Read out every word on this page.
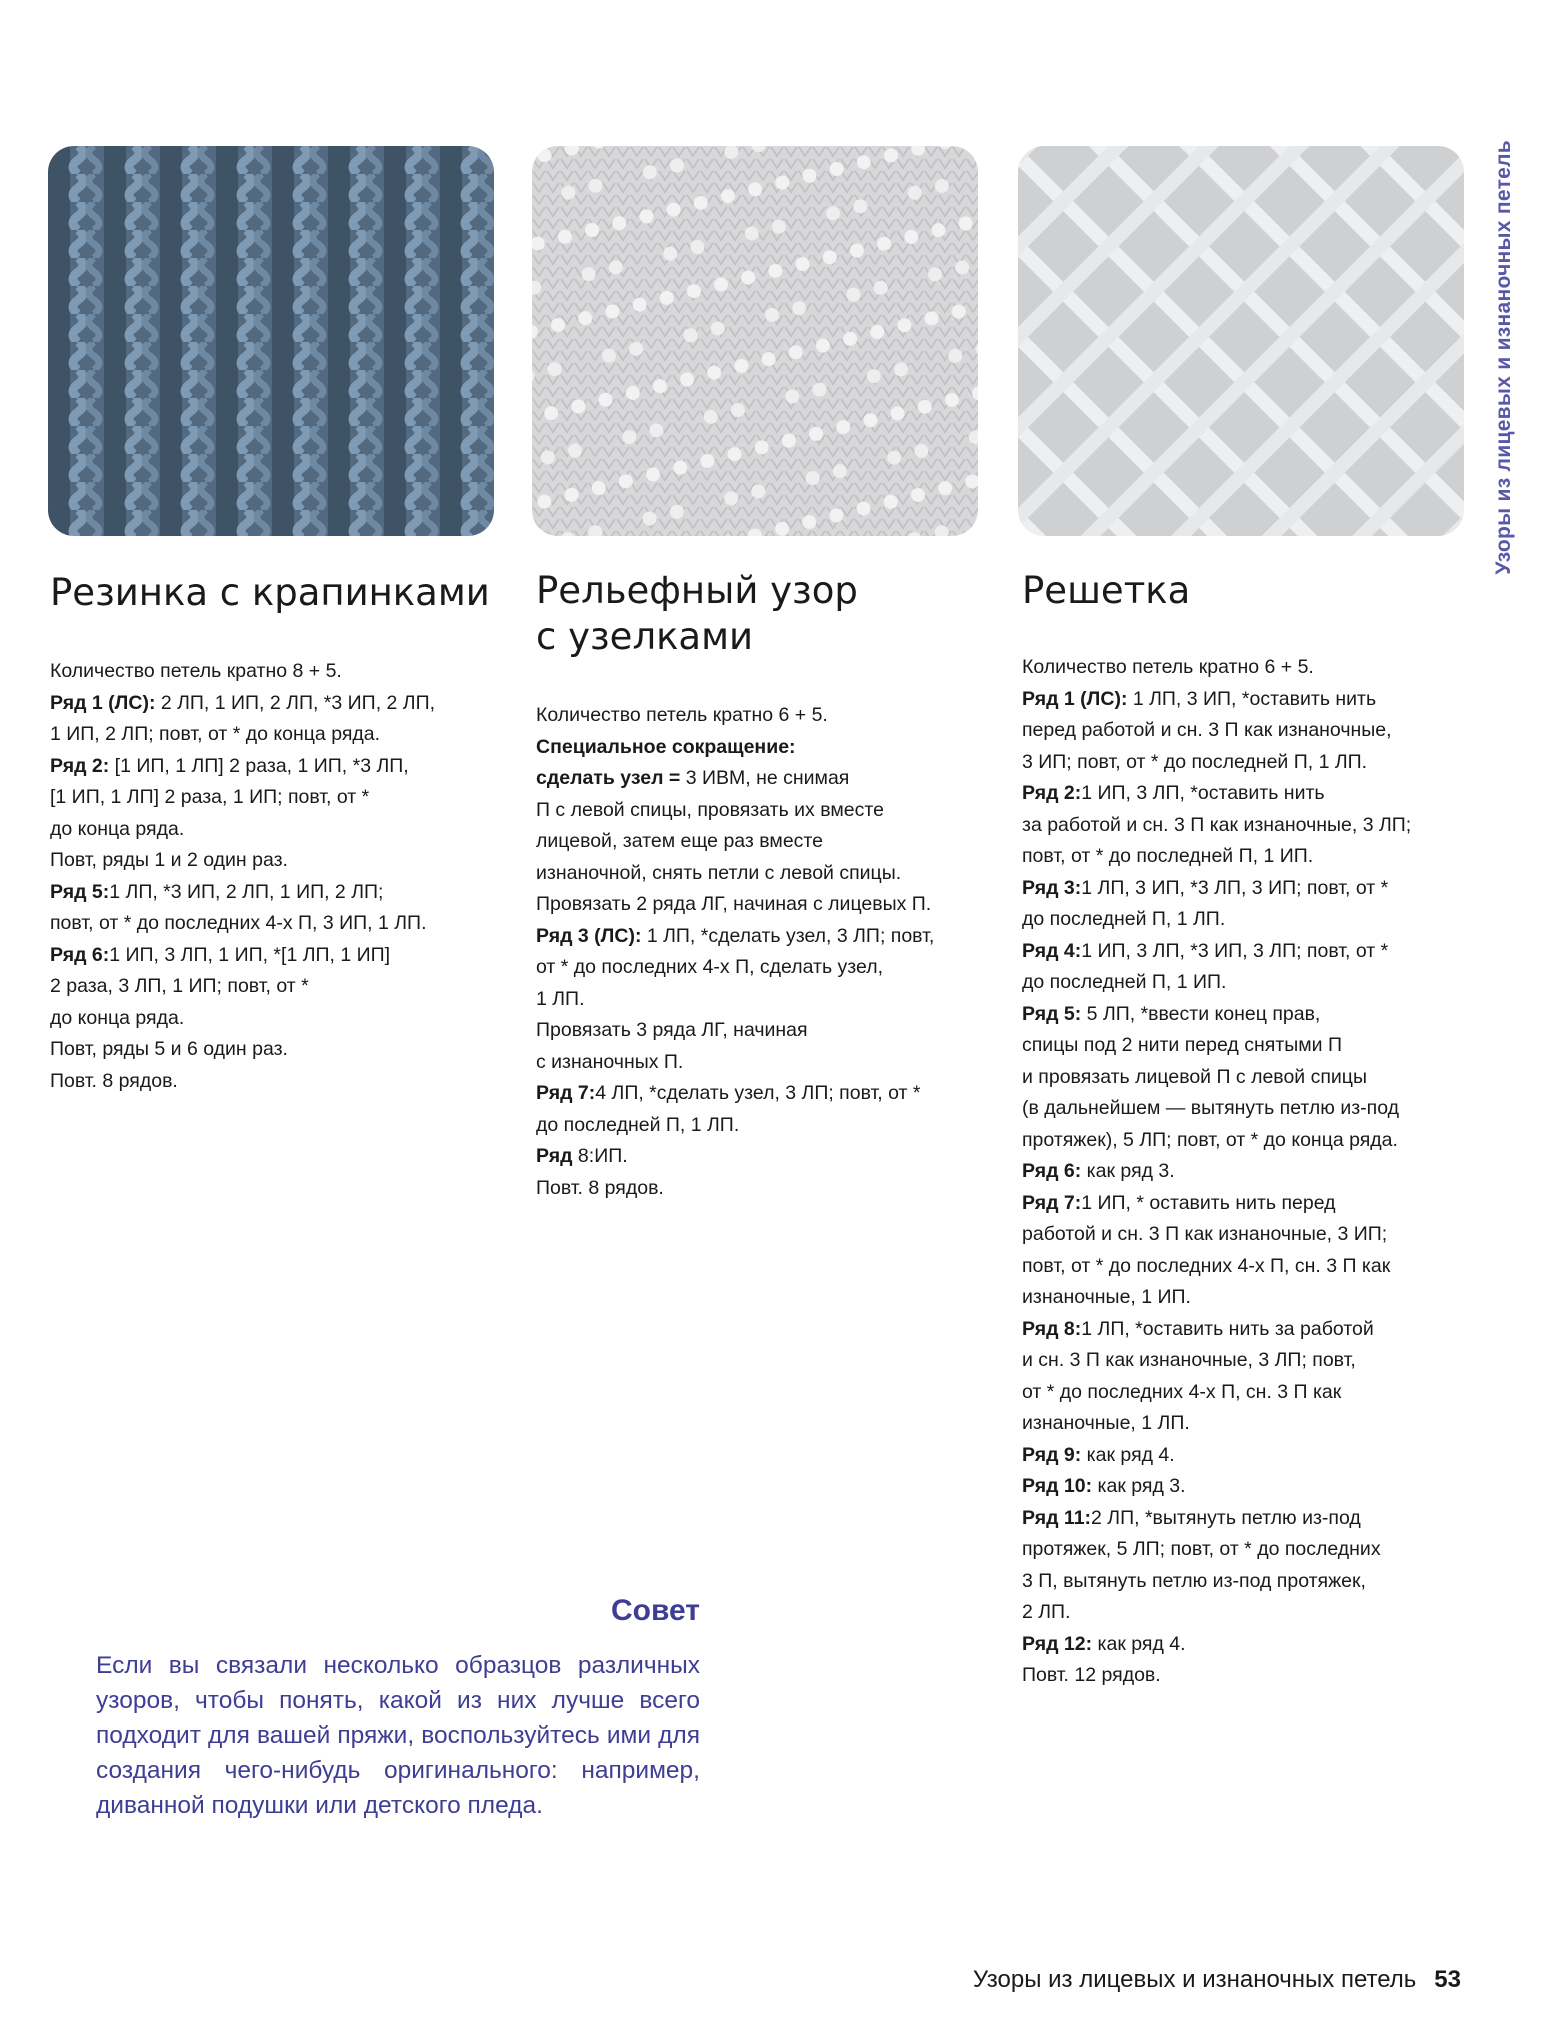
Резинка с крапинками Рельефный узор
с узелками
Решетка

Количество петель кратно 8 + 5.

Ряд 1 (ЛС): 2 ЛП, 1 ИП, 2 ЛП, *3 ИП, 2 ЛП,

1 ИП, 2 ЛП; повт, от * до конца ряда.

Ряд 2: [1 ИП, 1 ЛП] 2 раза, 1 ИП, *3 ЛП,

[1 ИП, 1 ЛП] 2 раза, 1 ИП; повт, от *

до конца ряда.

Повт, ряды 1 и 2 один раз.

Ряд 5:1 ЛП, *3 ИП, 2 ЛП, 1 ИП, 2 ЛП;

повт, от * до последних 4-х П, 3 ИП, 1 ЛП.

Ряд 6:1 ИП, 3 ЛП, 1 ИП, *[1 ЛП, 1 ИП]

2 раза, 3 ЛП, 1 ИП; повт, от *

до конца ряда.

Повт, ряды 5 и 6 один раз.

Повт. 8 рядов.

Количество петель кратно 6 + 5.

Специальное сокращение:

сделать узел = 3 ИВМ, не снимая

П с левой спицы, провязать их вместе

лицевой, затем еще раз вместе

изнаночной, снять петли с левой спицы.

Провязать 2 ряда ЛГ, начиная с лицевых П.

Ряд 3 (ЛС): 1 ЛП, *сделать узел, 3 ЛП; повт,

от * до последних 4-х П, сделать узел,

1 ЛП.

Провязать 3 ряда ЛГ, начиная

с изнаночных П.

Ряд 7:4 ЛП, *сделать узел, 3 ЛП; повт, от *

до последней П, 1 ЛП.

Ряд 8:ИП.

Повт. 8 рядов.

Количество петель кратно 6 + 5.

Ряд 1 (ЛС): 1 ЛП, 3 ИП, *оставить нить

перед работой и сн. 3 П как изнаночные,

3 ИП; повт, от * до последней П, 1 ЛП.

Ряд 2:1 ИП, 3 ЛП, *оставить нить

за работой и сн. 3 П как изнаночные, 3 ЛП;

повт, от * до последней П, 1 ИП.

Ряд 3:1 ЛП, 3 ИП, *3 ЛП, 3 ИП; повт, от *

до последней П, 1 ЛП.

Ряд 4:1 ИП, 3 ЛП, *3 ИП, 3 ЛП; повт, от *

до последней П, 1 ИП.

Ряд 5: 5 ЛП, *ввести конец прав,

спицы под 2 нити перед снятыми П

и провязать лицевой П с левой спицы

(в дальнейшем — вытянуть петлю из-под

протяжек), 5 ЛП; повт, от * до конца ряда.

Ряд 6: как ряд 3.

Ряд 7:1 ИП, * оставить нить перед

работой и сн. 3 П как изнаночные, 3 ИП;

повт, от * до последних 4-х П, сн. 3 П как

изнаночные, 1 ИП.

Ряд 8:1 ЛП, *оставить нить за работой

и сн. 3 П как изнаночные, 3 ЛП; повт,

от * до последних 4-х П, сн. 3 П как

изнаночные, 1 ЛП.

Ряд 9: как ряд 4.

Ряд 10: как ряд 3.

Ряд 11:2 ЛП, *вытянуть петлю из-под

протяжек, 5 ЛП; повт, от * до последних

3 П, вытянуть петлю из-под протяжек,

2 ЛП.

Ряд 12: как ряд 4.

Повт. 12 рядов.

Узоры из лицевых и изнаночных петель
Совет
Если вы связали несколько образцов различных узоров, чтобы понять, какой из них лучше всего подходит для вашей пряжи, воспользуйтесь ими для создания чего-нибудь оригинального: например, диванной подушки или детского пледа.
Узоры из лицевых и изнаночных петель 53
